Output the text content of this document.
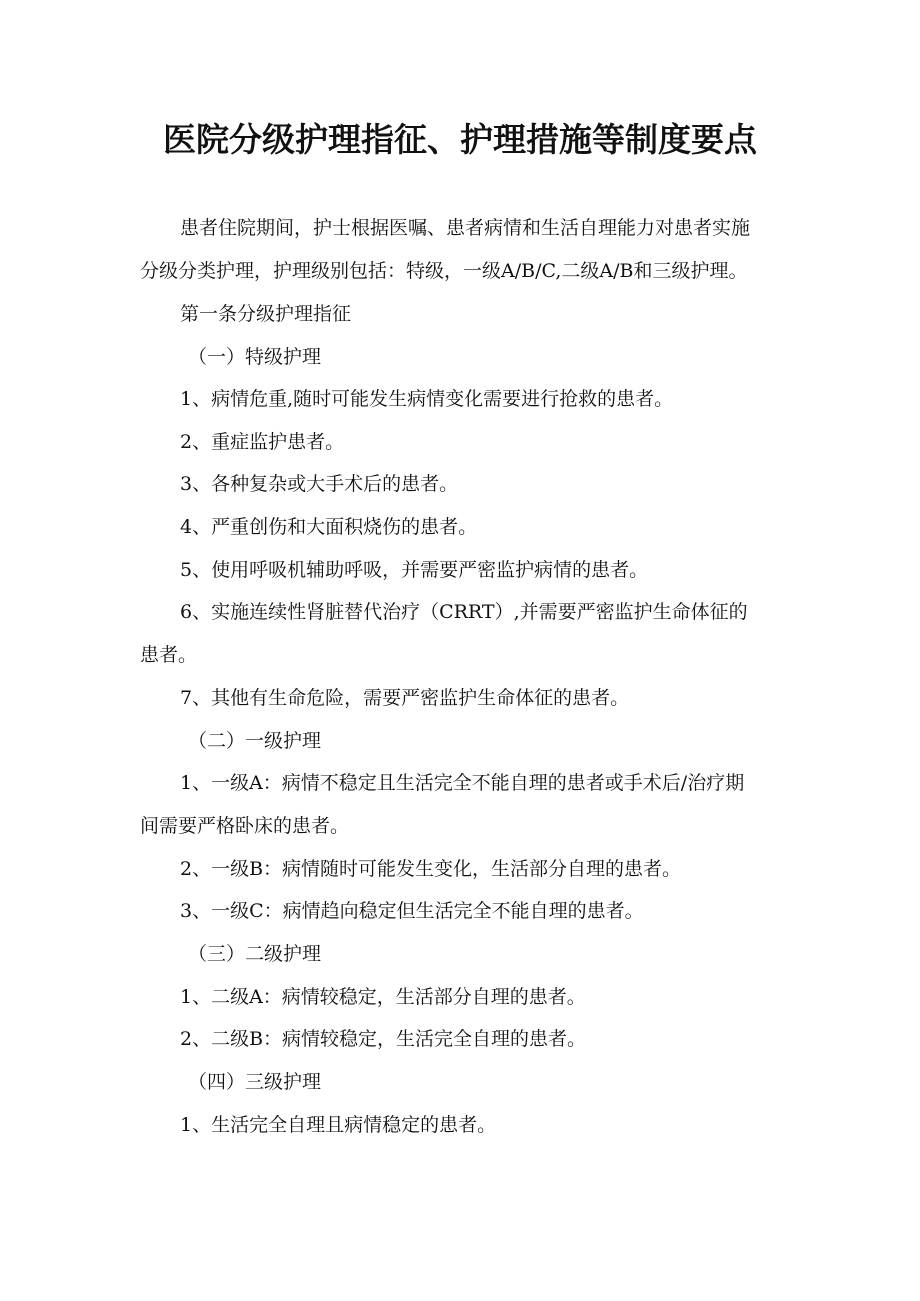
医院分级护理指征、护理措施等制度要点
患者住院期间，护士根据医嘱、患者病情和生活自理能力对患者实施
分级分类护理，护理级别包括：特级，一级A/B/C,二级A/B和三级护理。
第一条分级护理指征
（一）特级护理
1、病情危重,随时可能发生病情变化需要进行抢救的患者。
2、重症监护患者。
3、各种复杂或大手术后的患者。
4、严重创伤和大面积烧伤的患者。
5、使用呼吸机辅助呼吸，并需要严密监护病情的患者。
6、实施连续性肾脏替代治疗（CRRT）,并需要严密监护生命体征的
患者。
7、其他有生命危险，需要严密监护生命体征的患者。
（二）一级护理
1、一级A：病情不稳定且生活完全不能自理的患者或手术后/治疗期
间需要严格卧床的患者。
2、一级B：病情随时可能发生变化，生活部分自理的患者。
3、一级C：病情趋向稳定但生活完全不能自理的患者。
（三）二级护理
1、二级A：病情较稳定，生活部分自理的患者。
2、二级B：病情较稳定，生活完全自理的患者。
（四）三级护理
1、生活完全自理且病情稳定的患者。
